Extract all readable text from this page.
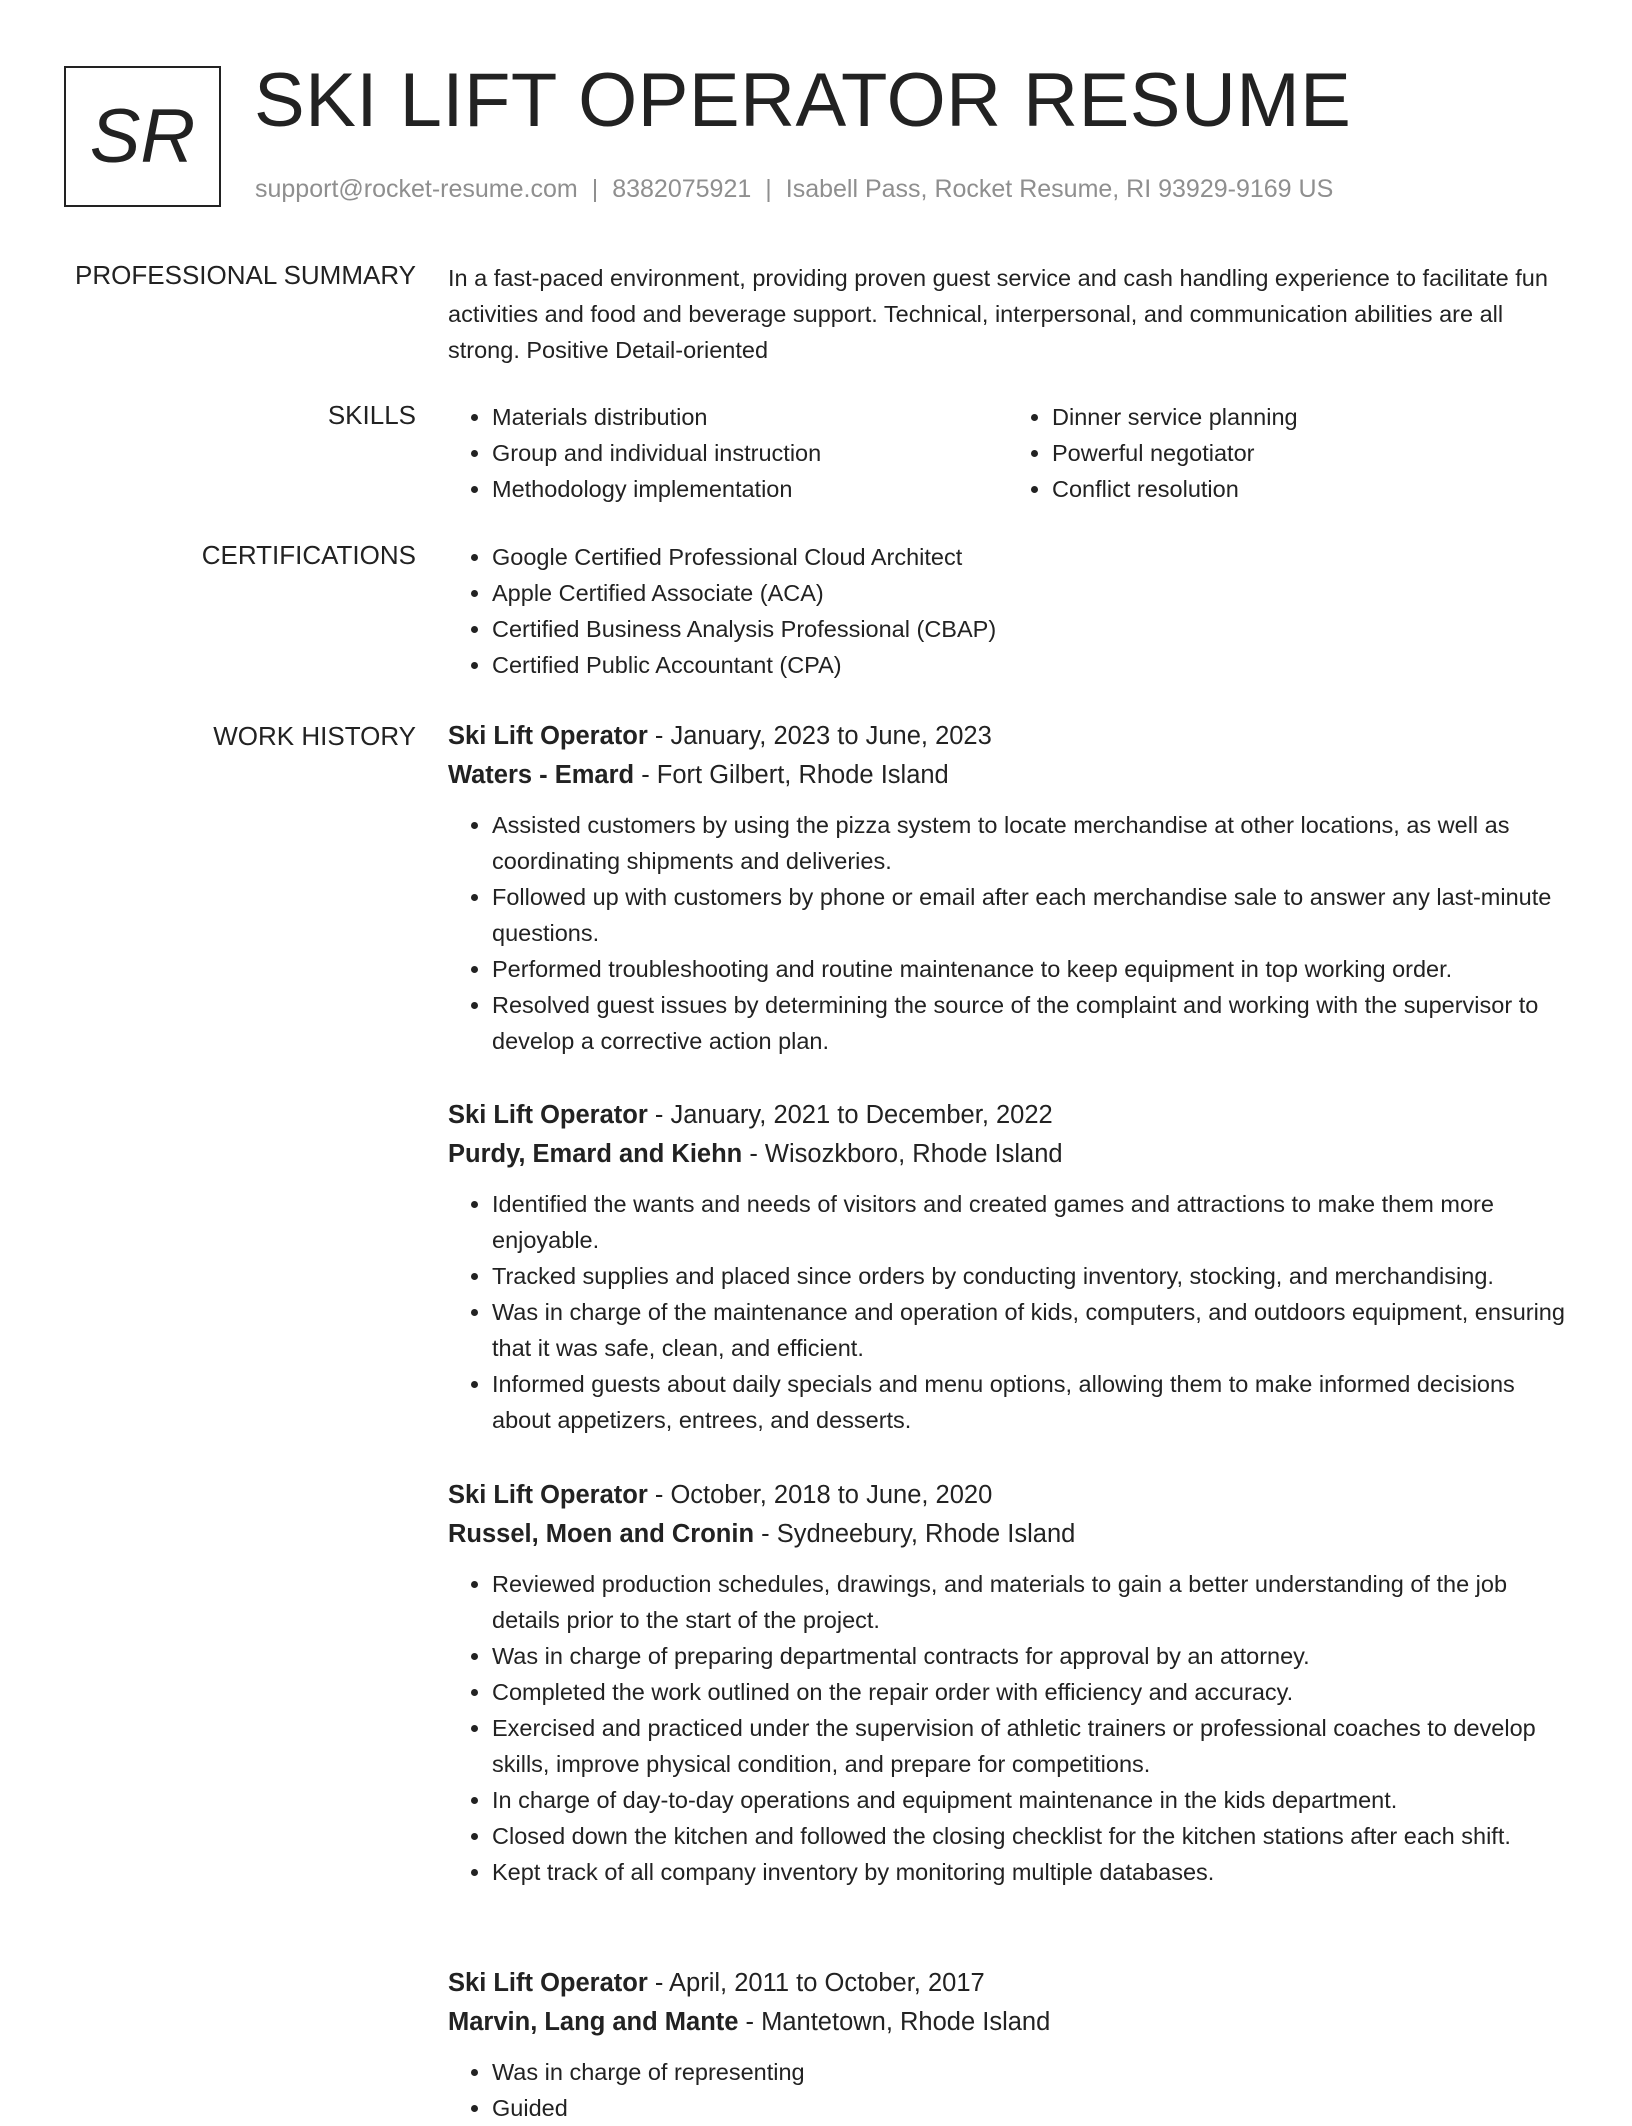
SR SKI LIFT OPERATOR RESUME
support@rocket-resume.com | 8382075921 | Isabell Pass, Rocket Resume, RI 93929-9169 US
PROFESSIONAL SUMMARY In a fast-paced environment, providing proven guest service and cash handling experience to facilitate fun activities and food and beverage support. Technical, interpersonal, and communication abilities are all strong. Positive Detail-oriented
SKILLS	• Materials distribution
• Group and individual instruction
• Methodology implementation
• Dinner service planning
• Powerful negotiator
• Conflict resolution
CERTIFICATIONS	• Google Certified Professional Cloud Architect
• Apple Certified Associate (ACA)
• Certified Business Analysis Professional (CBAP)
• Certified Public Accountant (CPA)
WORK HISTORY Ski Lift Operator - January, 2023 to June, 2023
Waters - Emard - Fort Gilbert, Rhode Island
• Assisted customers by using the pizza system to locate merchandise at other locations, as well as coordinating shipments and deliveries.
• Followed up with customers by phone or email after each merchandise sale to answer any last-minute questions.
• Performed troubleshooting and routine maintenance to keep equipment in top working order.
• Resolved guest issues by determining the source of the complaint and working with the supervisor to develop a corrective action plan.
Ski Lift Operator - January, 2021 to December, 2022
Purdy, Emard and Kiehn - Wisozkboro, Rhode Island
• Identified the wants and needs of visitors and created games and attractions to make them more enjoyable.
• Tracked supplies and placed since orders by conducting inventory, stocking, and merchandising.
• Was in charge of the maintenance and operation of kids, computers, and outdoors equipment, ensuring that it was safe, clean, and efficient.
• Informed guests about daily specials and menu options, allowing them to make informed decisions about appetizers, entrees, and desserts.
Ski Lift Operator - October, 2018 to June, 2020
Russel, Moen and Cronin - Sydneebury, Rhode Island
• Reviewed production schedules, drawings, and materials to gain a better understanding of the job details prior to the start of the project.
• Was in charge of preparing departmental contracts for approval by an attorney.
• Completed the work outlined on the repair order with efficiency and accuracy.
• Exercised and practiced under the supervision of athletic trainers or professional coaches to develop skills, improve physical condition, and prepare for competitions.
• In charge of day-to-day operations and equipment maintenance in the kids department.
• Closed down the kitchen and followed the closing checklist for the kitchen stations after each shift.
• Kept track of all company inventory by monitoring multiple databases.
Ski Lift Operator - April, 2011 to October, 2017
Marvin, Lang and Mante - Mantetown, Rhode Island
• Was in charge of representing
• Guided
